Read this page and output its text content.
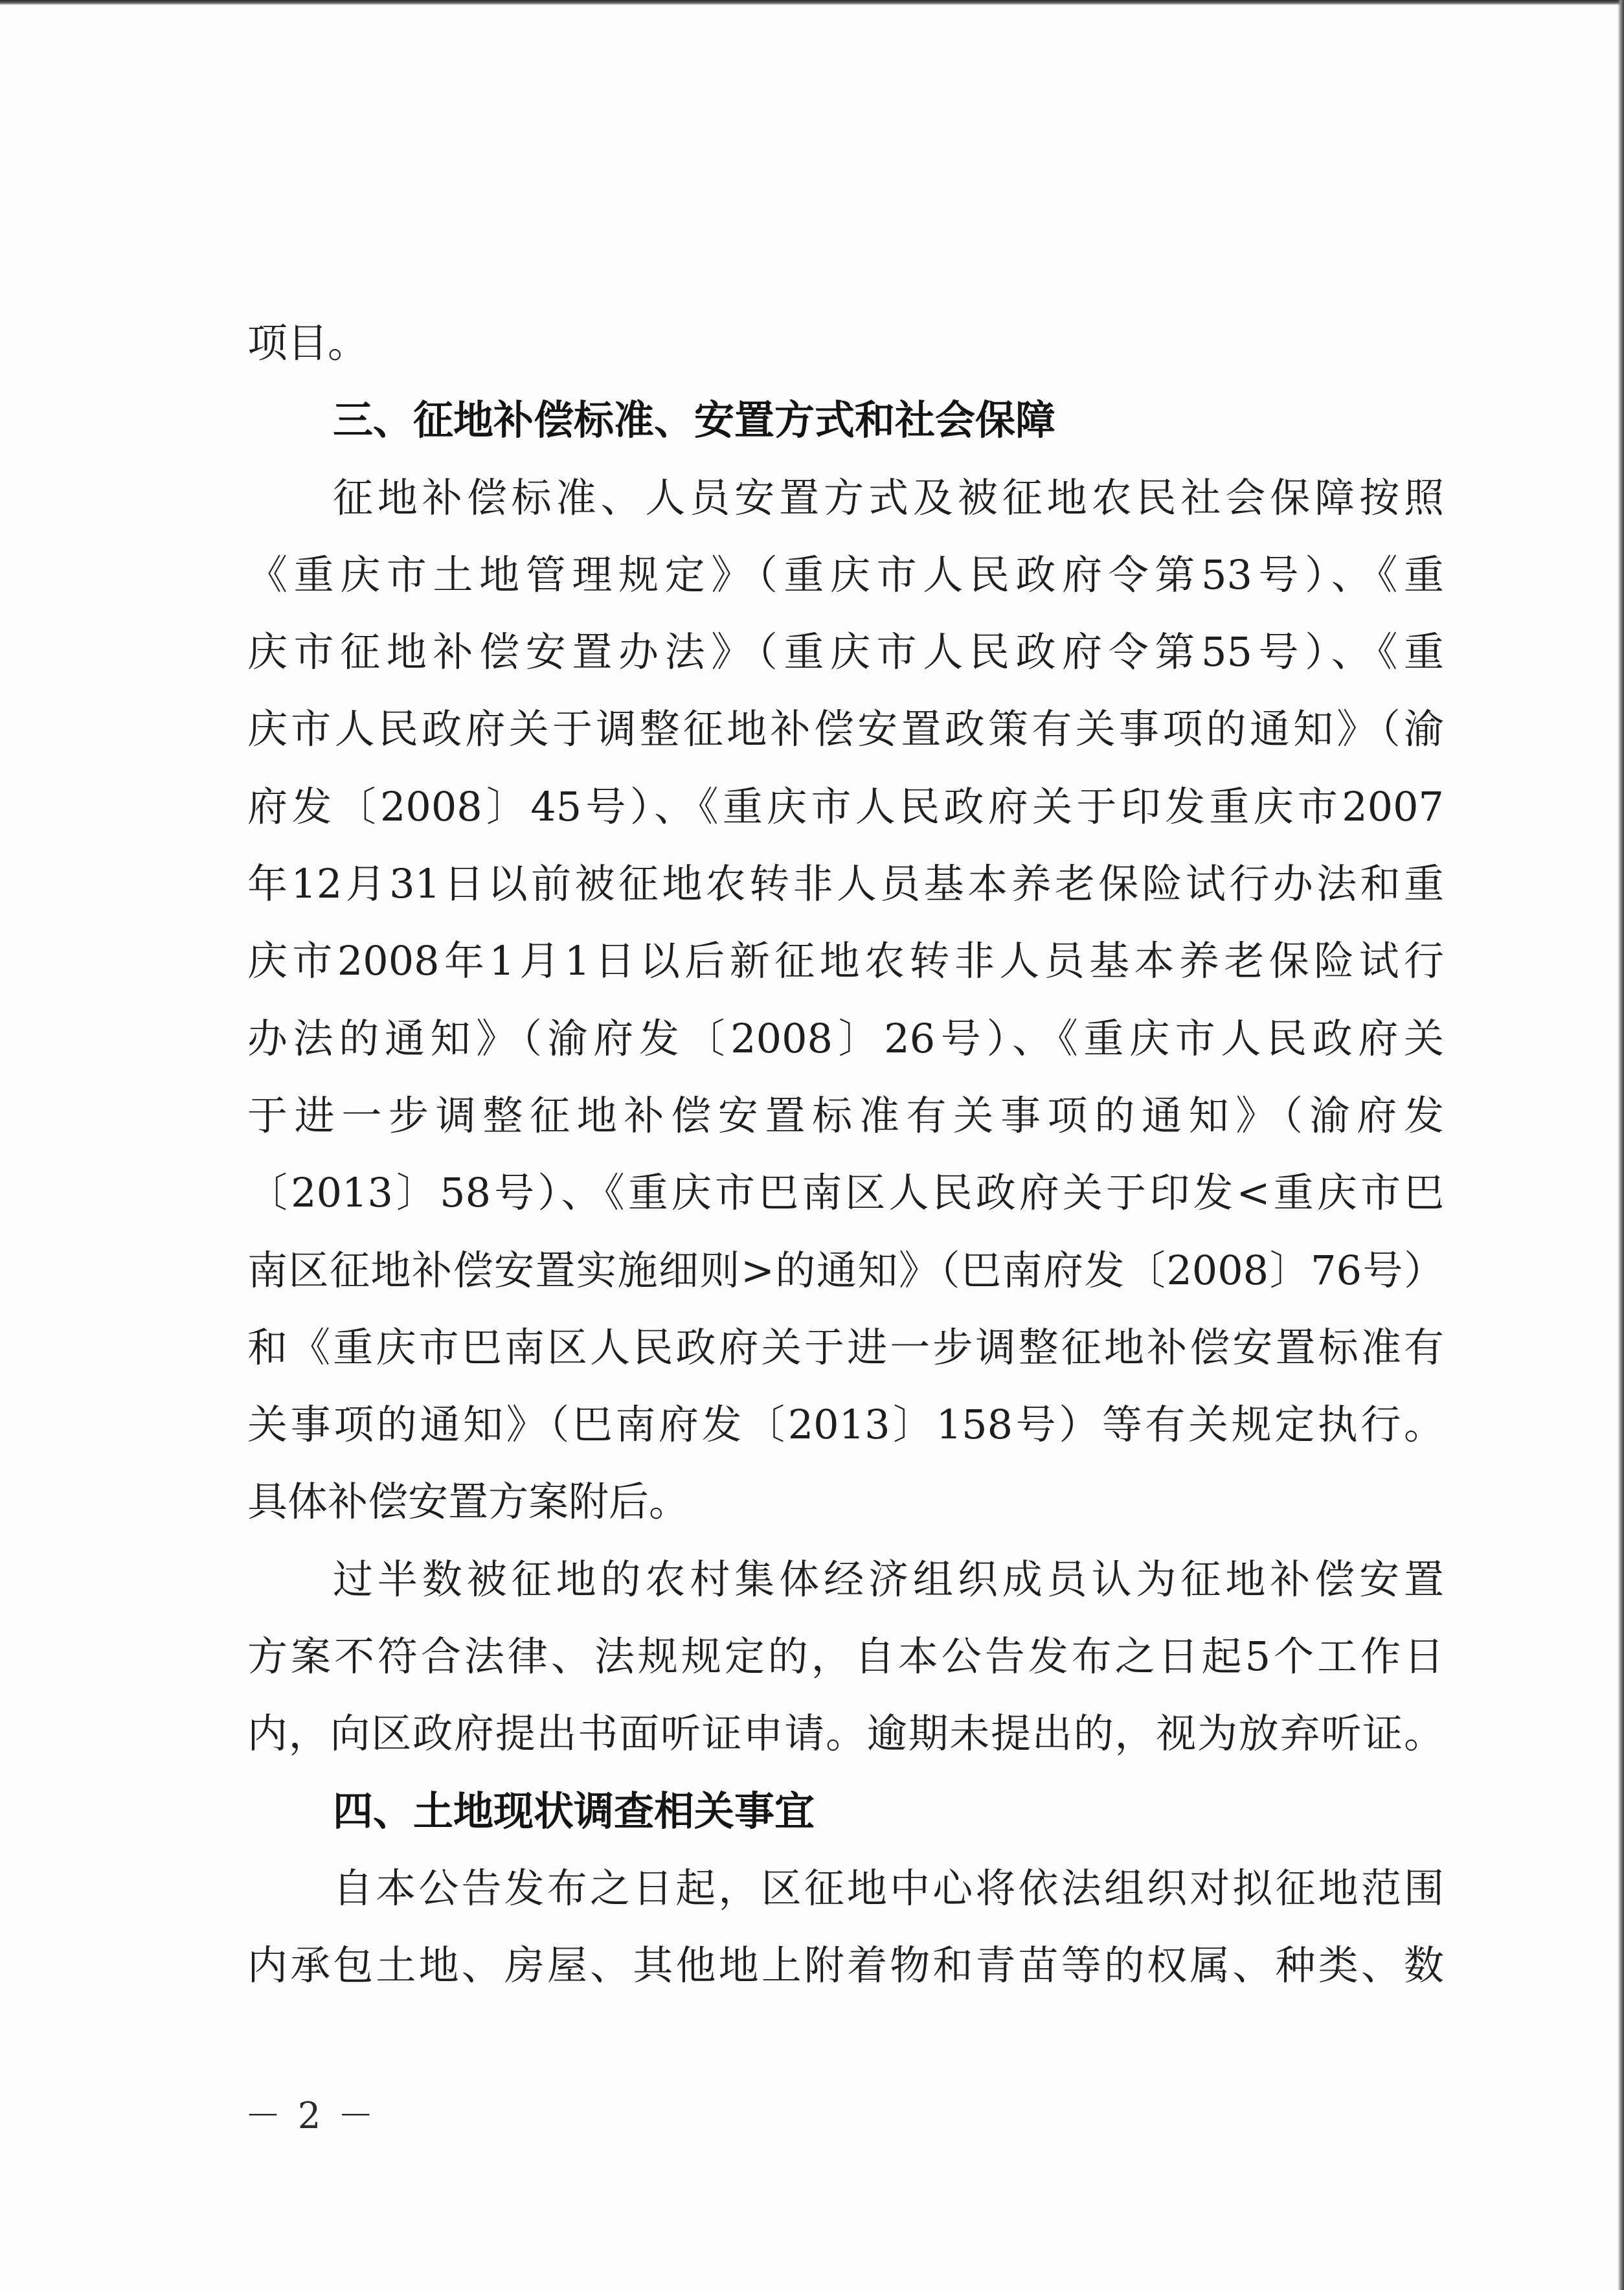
项目。
三、征地补偿标准、安置方式和社会保障
征地补偿标准、人员安置方式及被征地农民社会保障按照
《重庆市土地管理规定》（重庆市人民政府令第53号）、《重
庆市征地补偿安置办法》（重庆市人民政府令第55号）、《重
庆市人民政府关于调整征地补偿安置政策有关事项的通知》（渝
府发〔2008〕45号）、《重庆市人民政府关于印发重庆市2007
年12月31日以前被征地农转非人员基本养老保险试行办法和重
庆市2008年1月1日以后新征地农转非人员基本养老保险试行
办法的通知》（渝府发〔2008〕26号）、《重庆市人民政府关
于进一步调整征地补偿安置标准有关事项的通知》（渝府发
〔2013〕58号）、《重庆市巴南区人民政府关于印发<重庆市巴
南区征地补偿安置实施细则>的通知》（巴南府发〔2008〕76号）
和《重庆市巴南区人民政府关于进一步调整征地补偿安置标准有
关事项的通知》（巴南府发〔2013〕158号）等有关规定执行。
具体补偿安置方案附后。
过半数被征地的农村集体经济组织成员认为征地补偿安置
方案不符合法律、法规规定的，自本公告发布之日起5个工作日
内，向区政府提出书面听证申请。逾期未提出的，视为放弃听证。
四、土地现状调查相关事宜
自本公告发布之日起，区征地中心将依法组织对拟征地范围
内承包土地、房屋、其他地上附着物和青苗等的权属、种类、数
－ 2 －
